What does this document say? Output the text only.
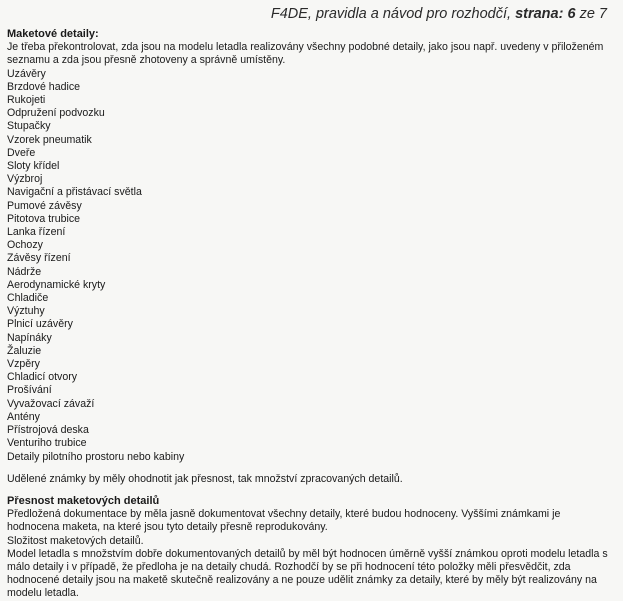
F4DE, pravidla a návod pro rozhodčí, strana: 6 ze 7
Maketové detaily:

Je třeba překontrolovat, zda jsou na modelu letadla realizovány všechny podobné detaily, jako jsou např. uvedeny v přiloženém seznamu a zda jsou přesně zhotoveny a správně umístěny.

Uzávěry
Brzdové hadice
Rukojeti
Odpružení podvozku
Stupačky
Vzorek pneumatik
Dveře
Sloty křídel
Výzbroj
Navigační a přistávací světla
Pumové závěsy
Pitotova trubice
Lanka řízení
Ochozy
Závěsy řízení
Nádrže
Aerodynamické kryty
Chladiče
Výztuhy
Plnicí uzávěry
Napínáky
Žaluzie
Vzpěry
Chladicí otvory
Prošívání
Vyvažovací závaží
Antény
Přístrojová deska
Venturiho trubice
Detaily pilotního prostoru nebo kabiny

Udělené známky by měly ohodnotit jak přesnost, tak množství zpracovaných detailů.

Přesnost maketových detailů

Předložená dokumentace by měla jasně dokumentovat všechny detaily, které budou hodnoceny. Vyššími známkami je hodnocena maketa, na které jsou tyto detaily přesně reprodukovány.

Složitost maketových detailů.

Model letadla s množstvím dobře dokumentovaných detailů by měl být hodnocen úměrně vyšší známkou oproti modelu letadla s málo detaily i v případě, že předloha je na detaily chudá. Rozhodčí by se při hodnocení této položky měli přesvědčit, zda hodnocené detaily jsou na maketě skutečně realizovány a ne pouze udělit známky za detaily, které by měly být realizovány na modelu letadla.
